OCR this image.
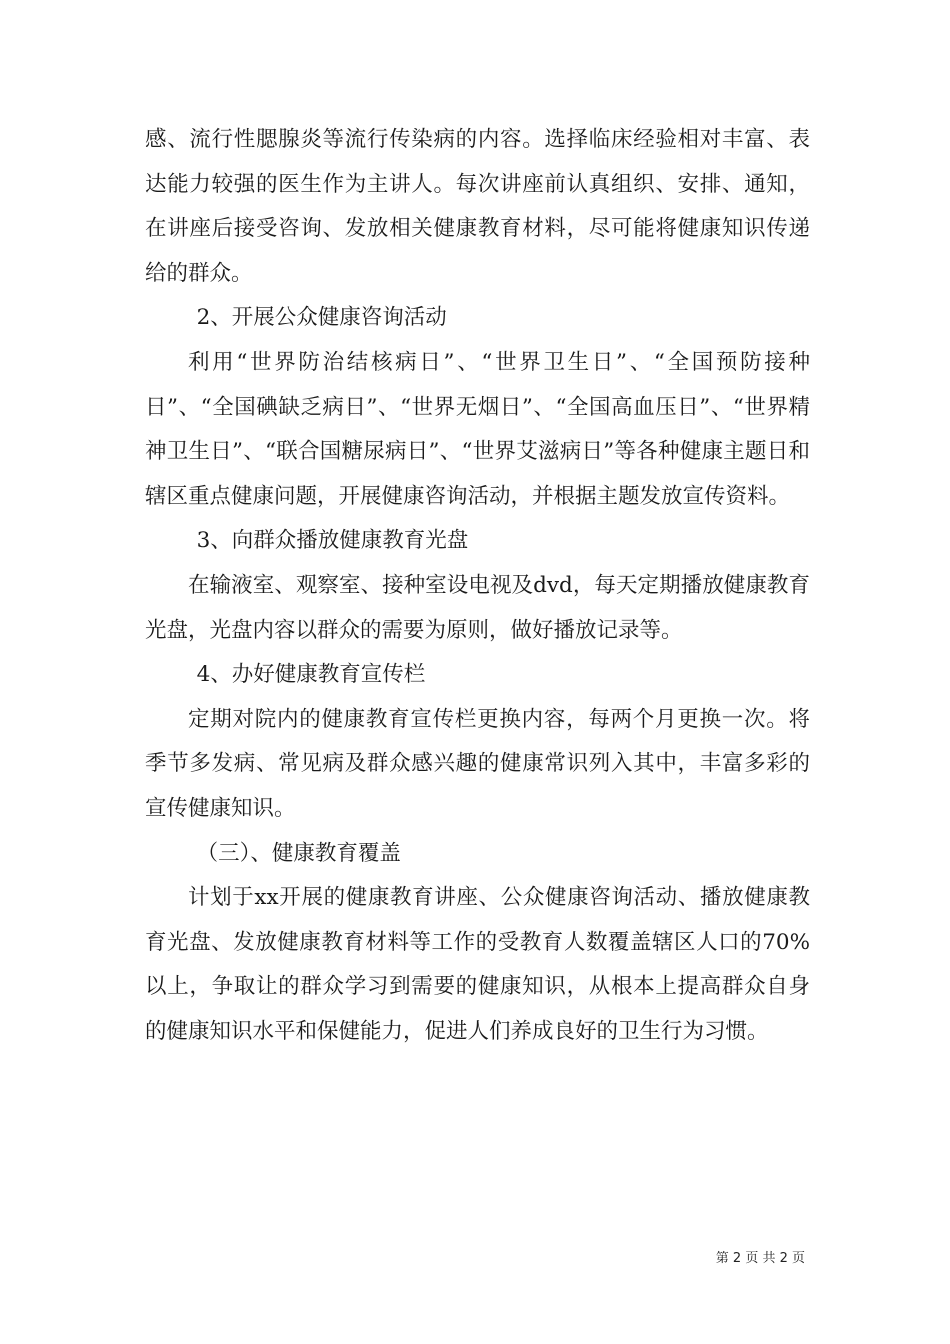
感、流行性腮腺炎等流行传染病的内容。选择临床经验相对丰富、表达能力较强的医生作为主讲人。每次讲座前认真组织、安排、通知，在讲座后接受咨询、发放相关健康教育材料，尽可能将健康知识传递给的群众。

2、开展公众健康咨询活动

利用“世界防治结核病日”、“世界卫生日”、“全国预防接种日”、“全国碘缺乏病日”、“世界无烟日”、“全国高血压日”、“世界精神卫生日”、“联合国糖尿病日”、“世界艾滋病日”等各种健康主题日和辖区重点健康问题，开展健康咨询活动，并根据主题发放宣传资料。

3、向群众播放健康教育光盘

在输液室、观察室、接种室设电视及dvd，每天定期播放健康教育光盘，光盘内容以群众的需要为原则，做好播放记录等。

4、办好健康教育宣传栏

定期对院内的健康教育宣传栏更换内容，每两个月更换一次。将季节多发病、常见病及群众感兴趣的健康常识列入其中，丰富多彩的宣传健康知识。

（三）、健康教育覆盖

计划于xx开展的健康教育讲座、公众健康咨询活动、播放健康教育光盘、发放健康教育材料等工作的受教育人数覆盖辖区人口的70%以上，争取让的群众学习到需要的健康知识，从根本上提高群众自身的健康知识水平和保健能力，促进人们养成良好的卫生行为习惯。

第 2 页 共 2 页
